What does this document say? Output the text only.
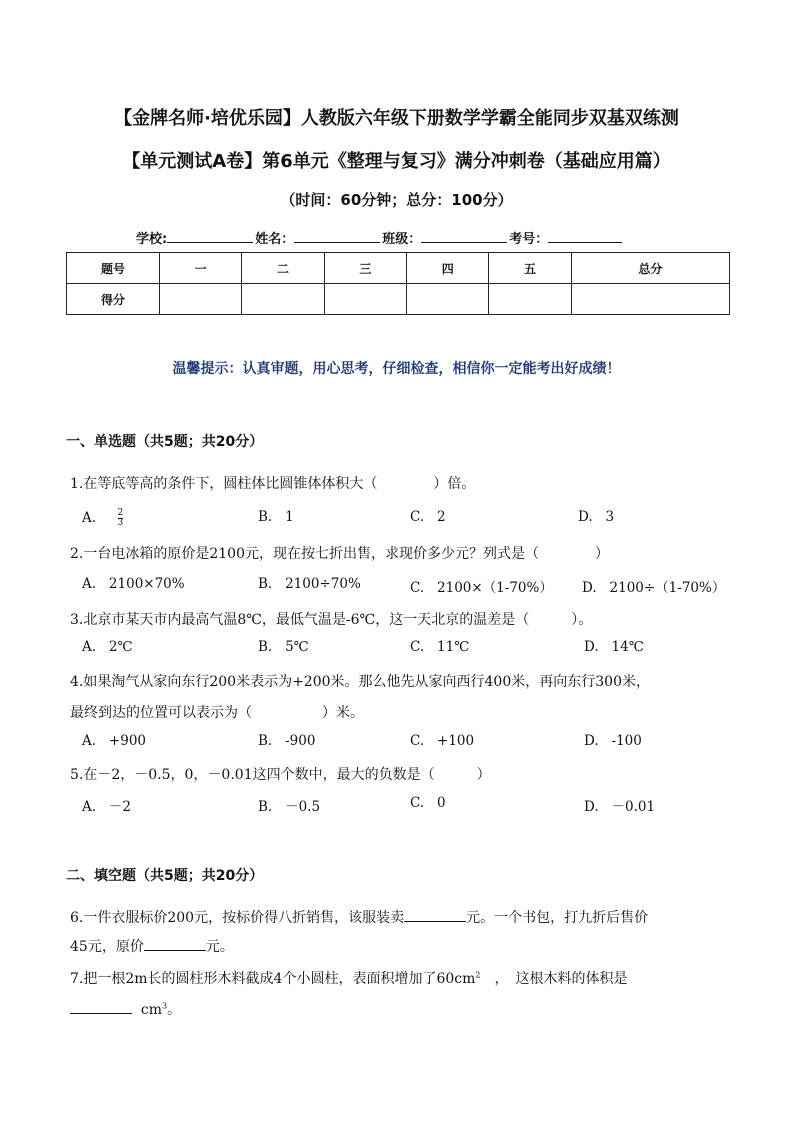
【金牌名师·培优乐园】人教版六年级下册数学学霸全能同步双基双练测
【单元测试A卷】第6单元《整理与复习》满分冲刺卷（基础应用篇）
（时间：60分钟；总分：100分）
学校:	姓名：	班级：	考号：
题号	一	二	三	四	五	总分
得分						
温馨提示：认真审题，用心思考，仔细检查，相信你一定能考出好成绩！
一、单选题（共5题；共20分）
1.在等底等高的条件下，圆柱体比圆锥体体积大（　　　　）倍。
A. $\frac{2}{3}$	B. 1	C. 2	D. 3
2.一台电冰箱的原价是2100元，现在按七折出售，求现价多少元？列式是（　　　　）
A. 2100×70%	B. 2100÷70%	C. 2100×（1-70%） D. 2100÷（1-70%）
3.北京市某天市内最高气温8℃，最低气温是-6℃，这一天北京的温差是（　　　）。
A. 2℃	B. 5℃	C. 11℃	D. 14℃
4.如果淘气从家向东行200米表示为+200米。那么他先从家向西行400米，再向东行300米，
最终到达的位置可以表示为（　　　　　）米。
A. +900	B. -900	C. +100	D. -100
5.在－2，－0.5，0，－0.01这四个数中，最大的负数是（　　　）
A. －2	B. －0.5	C. 0	D. －0.01
二、填空题（共5题；共20分）
6.一件衣服标价200元，按标价得八折销售，该服装卖	元。一个书包，打九折后售价
45元，原价	元。
7.把一根2m长的圆柱形木料截成4个小圆柱，表面积增加了$60cm^2$　，　这根木料的体积是
$cm^3$。
